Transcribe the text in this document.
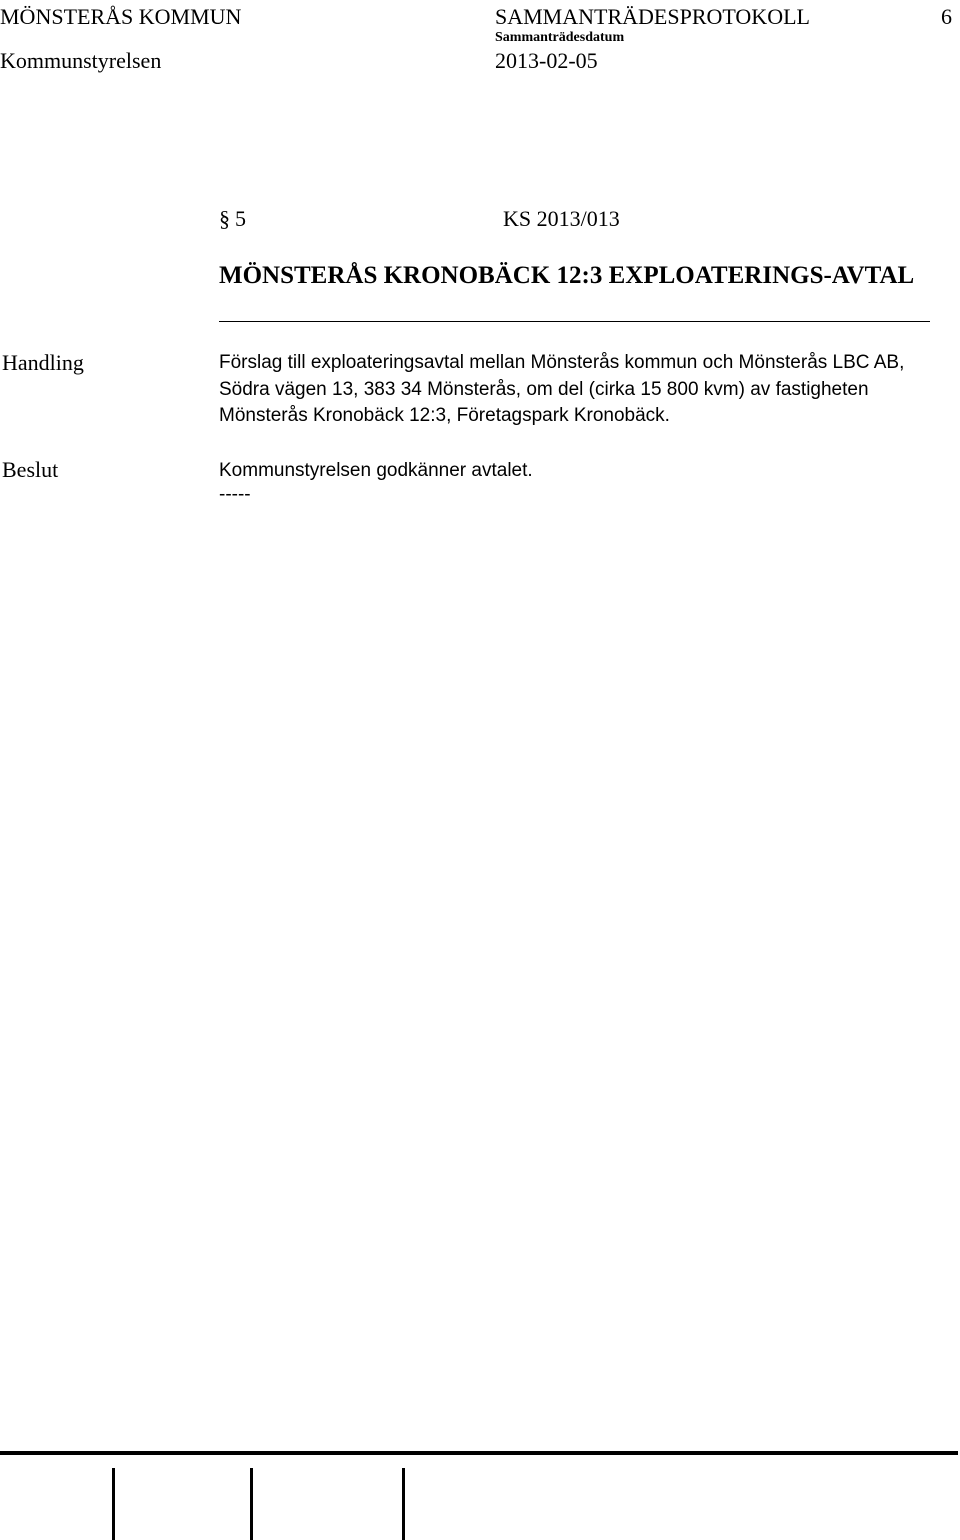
MÖNSTERÅS KOMMUN	SAMMANTRÄDESPROTOKOLL	6
Sammanträdesdatum
Kommunstyrelsen	2013-02-05
§ 5	KS 2013/013
MÖNSTERÅS KRONOBÄCK 12:3 EXPLOATERINGS-AVTAL
Handling	Förslag till exploateringsavtal mellan Mönsterås kommun och Mönsterås LBC AB, Södra vägen 13, 383 34 Mönsterås, om del (cirka 15 800 kvm) av fastigheten Mönsterås Kronobäck 12:3, Företagspark Kronobäck.
Beslut	Kommunstyrelsen godkänner avtalet.
-----
